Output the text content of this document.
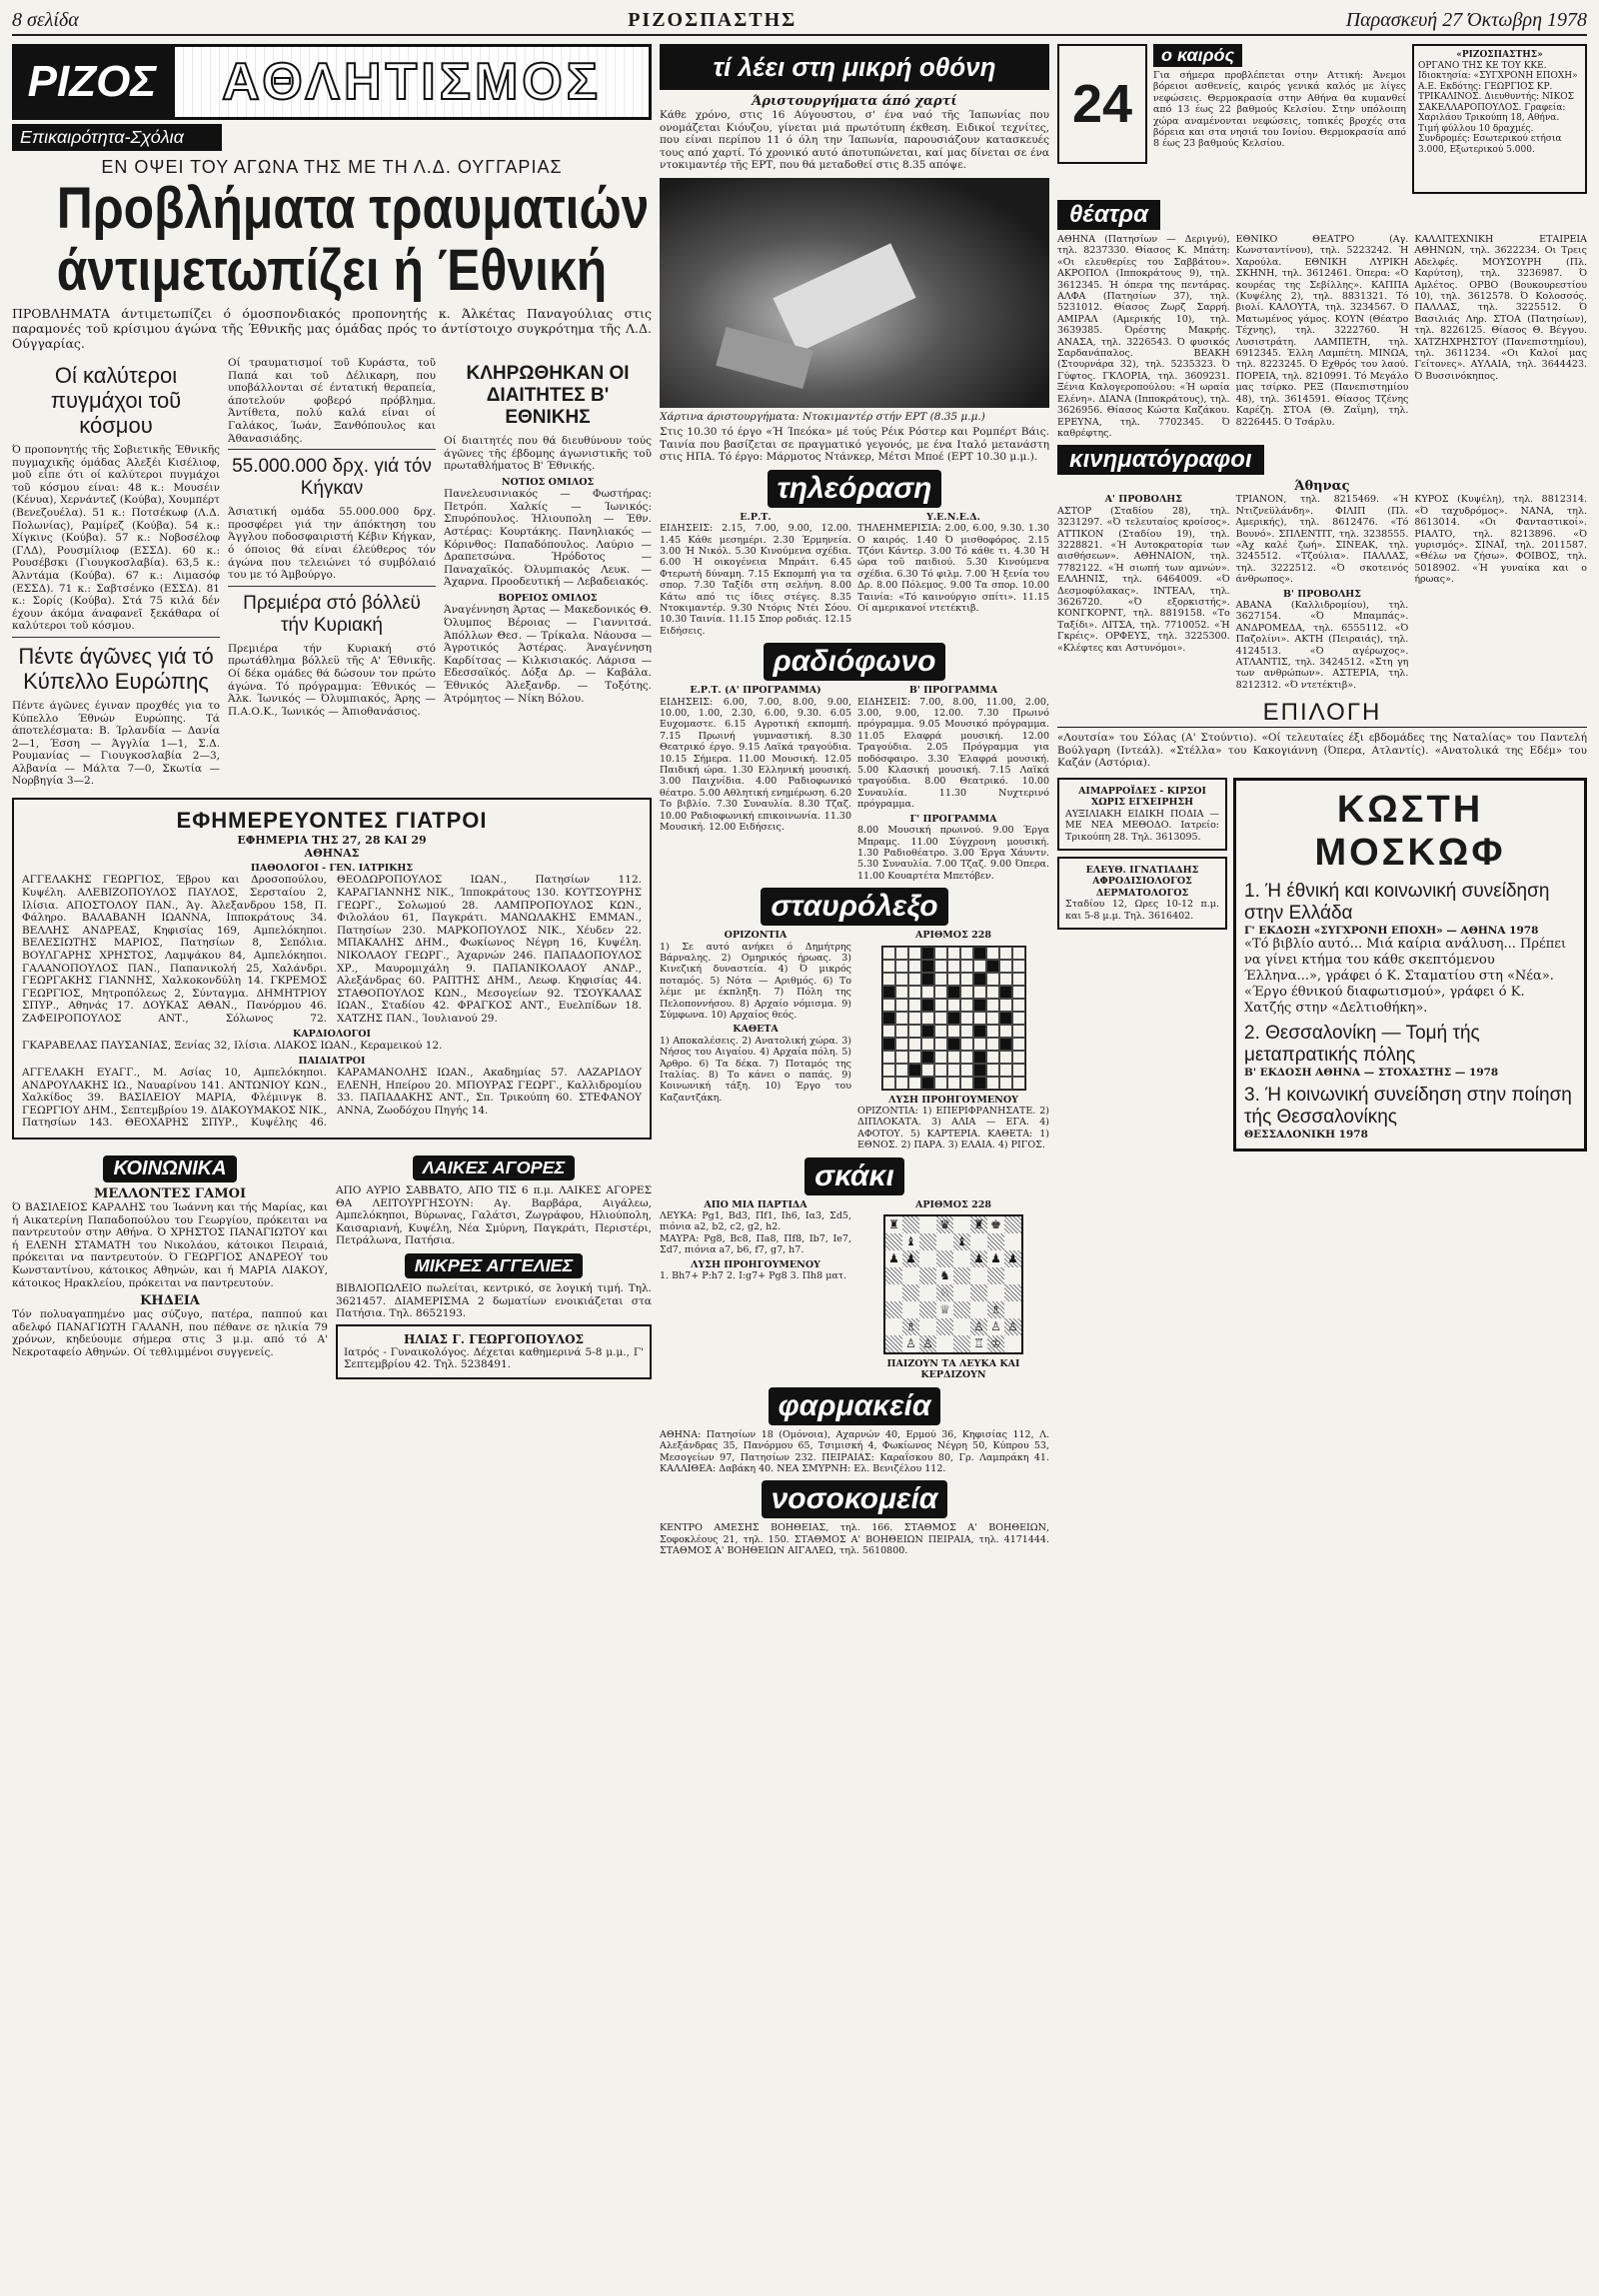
8 σελίδα	ΡΙΖΟΣΠΑΣΤΗΣ	Παρασκευή 27 Όκτωβρη 1978
ΡΙΖΟΣ	ΑΘΛΗΤΙΣΜΟΣ
Επικαιρότητα-Σχόλια
ΕΝ ΟΨΕΙ ΤΟΥ ΑΓΩΝΑ ΤΗΣ ΜΕ ΤΗ Λ.Δ. ΟΥΓΓΑΡΙΑΣ
Προβλήματα τραυματιών
άντιμετωπίζει ή Έθνική
ΠΡΟΒΛΗΜΑΤΑ άντιμετωπίζει ό όμοσπονδιακός προπονητής κ. Άλκέτας Παναγούλιας στις παραμονές τοῦ κρίσιμου άγώνα τῆς Έθνικῆς μας όμάδας πρός το άντίστοιχο συγκρότημα τῆς Λ.Δ. Ούγγαρίας.
Οί καλύτεροι πυγμάχοι τοῦ κόσμου
Ό προπονητής τῆς Σοβιετικῆς Έθνικῆς πυγμαχικῆς όμάδας Άλεξέι Κισέλιοφ, μοῦ εἶπε ότι οί καλύτεροι πυγμάχοι τοῦ κόσμου είναι: 48 κ.: Μουσέιν (Κένυα), Χερνάντεζ (Κούβα), Χουμπέρτ (Βενεζουέλα). 51 κ.: Ποτσέκωφ (Λ.Δ. Πολωνίας), Ραμίρεζ (Κούβα). 54 κ.: Χίγκινς (Κούβα). 57 κ.: Νοβοσέλοφ (ΓΛΔ), Ρουσμίλιοφ (ΕΣΣΔ). 60 κ.: Ρουσέβσκι (Γιουγκοσλαβία). 63,5 κ.: Άλντάμα (Κούβα). 67 κ.: Λιμασόφ (ΕΣΣΔ). 71 κ.: Σαβτσένκο (ΕΣΣΔ). 81 κ.: Σορίς (Κούβα). Στά 75 κιλά δέν έχουν άκόμα άναφανεῖ ξεκάθαρα οί καλύτεροι τοῦ κόσμου.
Πέντε άγῶνες γιά τό Κύπελλο Ευρώπης
Πέντε άγῶνες έγιναν προχθές για το Κύπελλο Έθνών Ευρώπης. Τά άποτελέσματα: Β. Ίρλανδία — Δανία 2—1, Έσση — Άγγλία 1—1, Σ.Δ. Ρουμανίας — Γιουγκοσλαβία 2—3, Αλβανία — Μάλτα 7—0, Σκωτία — Νορβηγία 3—2.
Οί τραυματισμοί τοῦ Κυράστα, τοῦ Παπά και τοῦ Δέλικαρη, που υποβάλλονται σέ έντατική θεραπεία, άποτελούν φοβερό πρόβλημα. Άντίθετα, πολύ καλά είναι οί Γαλάκος, Ίωάν, Ξανθόπουλος και Άθανασιάδης.
55.000.000 δρχ. γιά τόν Κήγκαν
Άσιατική ομάδα 55.000.000 δρχ. προσφέρει γιά την άπόκτηση του Άγγλου ποδοσφαιριστή Κέβιν Κήγκαν, ό όποιος θά είναι έλεύθερος τόν άγώνα που τελειώνει τό συμβόλαιό του με τό Άμβούργο.
Πρεμιέρα στό βόλλεϋ τήν Κυριακή
Πρεμιέρα τήν Κυριακή στό πρωτάθλημα βόλλεϋ τῆς Α' Έθνικῆς. Οί δέκα ομάδες θά δώσουν τον πρώτο άγώνα. Τό πρόγραμμα: Έθνικός — Άλκ. Ίωνικός — Όλυμπιακός, Άρης — Π.Α.Ο.Κ., Ίωνικός — Άπιοθανάσιος.
ΚΛΗΡΩΘΗΚΑΝ ΟΙ ΔΙΑΙΤΗΤΕΣ Β' ΕΘΝΙΚΗΣ
Οί διαιτητές που θά διευθύνουν τούς άγῶνες τῆς έβδομης άγωνιστικῆς τοῦ πρωταθλήματος Β' Έθνικής.
ΝΟΤΙΟΣ ΟΜΙΛΟΣ
Πανελευσινιακός — Φωστήρας: Πετρόπ. Χαλκίς — Ίωνικός: Σπυρόπουλος. Ήλιουπολη — Έθν. Αστέρας: Κουρτάκης. Πανηλιακός — Κόρινθος: Παπαδόπουλος. Λαύριο — Δραπετσώνα. Ήρόδοτος — Παναχαϊκός. Όλυμπιακός Λευκ. — Άχαρνα. Προοδευτική — Λεβαδειακός.
ΒΟΡΕΙΟΣ ΟΜΙΛΟΣ
Άναγέννηση Άρτας — Μακεδονικός Θ. Όλυμπος Βέροιας — Γιαννιτσά. Άπόλλων Θεσ. — Τρίκαλα. Νάουσα — Άγροτικός Άστέρας. Άναγέννηση Καρδίτσας — Κιλκισιακός. Λάρισα — Εδεσσαϊκός. Δόξα Δρ. — Καβάλα. Έθνικός Άλεξανδρ. — Τοξότης. Άτρόμητος — Νίκη Βόλου.
ΕΦΗΜΕΡΕΥΟΝΤΕΣ ΓΙΑΤΡΟΙ
ΕΦΗΜΕΡΙΑ ΤΗΣ 27, 28 ΚΑΙ 29
ΑΘΗΝΑΣ
ΠΑΘΟΛΟΓΟΙ - ΓΕΝ. ΙΑΤΡΙΚΗΣ
ΑΓΓΕΛΑΚΗΣ ΓΕΩΡΓΙΟΣ, Έβρου και Δροσοπούλου, Κυψέλη. ΑΛΕΒΙΖΟΠΟΥΛΟΣ ΠΑΥΛΟΣ, Σερσταίου 2, Ιλίσια. ΑΠΟΣΤΟΛΟΥ ΠΑΝ., Άγ. Άλεξανδρου 158, Π. Φάληρο. ΒΑΛΑΒΑΝΗ ΙΩΑΝΝΑ, Ιπποκράτους 34. ΒΕΛΛΗΣ ΑΝΔΡΕΑΣ, Κηφισίας 169, Αμπελόκηποι. ΒΕΛΕΣΙΩΤΗΣ ΜΑΡΙΟΣ, Πατησίων 8, Σεπόλια. ΒΟΥΛΓΑΡΗΣ ΧΡΗΣΤΟΣ, Λαμψάκου 84, Αμπελόκηποι. ΓΑΛΑΝΟΠΟΥΛΟΣ ΠΑΝ., Παπανικολή 25, Χαλάνδρι. ΓΕΩΡΓΑΚΗΣ ΓΙΑΝΝΗΣ, Χαλκοκονδύλη 14. ΓΚΡΕΜΟΣ ΓΕΩΡΓΙΟΣ, Μητροπόλεως 2, Σύνταγμα. ΔΗΜΗΤΡΙΟΥ ΣΠΥΡ., Αθηνάς 17. ΔΟΥΚΑΣ ΑΘΑΝ., Πανόρμου 46. ΖΑΦΕΙΡΟΠΟΥΛΟΣ ΑΝΤ., Σόλωνος 72. ΘΕΟΔΩΡΟΠΟΥΛΟΣ ΙΩΑΝ., Πατησίων 112. ΚΑΡΑΓΙΑΝΝΗΣ ΝΙΚ., Ίπποκράτους 130. ΚΟΥΤΣΟΥΡΗΣ ΓΕΩΡΓ., Σολωμού 28. ΛΑΜΠΡΟΠΟΥΛΟΣ ΚΩΝ., Φιλολάου 61, Παγκράτι. ΜΑΝΩΛΑΚΗΣ ΕΜΜΑΝ., Πατησίων 230. ΜΑΡΚΟΠΟΥΛΟΣ ΝΙΚ., Χέυδεν 22. ΜΠΑΚΑΛΗΣ ΔΗΜ., Φωκίωνος Νέγρη 16, Κυψέλη. ΝΙΚΟΛΑΟΥ ΓΕΩΡΓ., Άχαρνών 246. ΠΑΠΑΔΟΠΟΥΛΟΣ ΧΡ., Μαυρομιχάλη 9. ΠΑΠΑΝΙΚΟΛΑΟΥ ΑΝΔΡ., Αλεξάνδρας 60. ΡΑΠΤΗΣ ΔΗΜ., Λεωφ. Κηφισίας 44. ΣΤΑΘΟΠΟΥΛΟΣ ΚΩΝ., Μεσογείων 92. ΤΣΟΥΚΑΛΑΣ ΙΩΑΝ., Σταδίου 42. ΦΡΑΓΚΟΣ ΑΝΤ., Ευελπίδων 18. ΧΑΤΖΗΣ ΠΑΝ., Ίουλιανού 29.
ΚΑΡΔΙΟΛΟΓΟΙ
ΓΚΑΡΑΒΕΛΑΣ ΠΑΥΣΑΝΙΑΣ, Ξενίας 32, Ιλίσια. ΛΙΑΚΟΣ ΙΩΑΝ., Κεραμεικού 12.
ΠΑΙΔΙΑΤΡΟΙ
ΑΓΓΕΛΑΚΗ ΕΥΑΓΓ., Μ. Ασίας 10, Αμπελόκηποι. ΑΝΔΡΟΥΛΑΚΗΣ ΙΩ., Ναυαρίνου 141. ΑΝΤΩΝΙΟΥ ΚΩΝ., Χαλκίδος 39. ΒΑΣΙΛΕΙΟΥ ΜΑΡΙΑ, Φλέμινγκ 8. ΓΕΩΡΓΙΟΥ ΔΗΜ., Σεπτεμβρίου 19. ΔΙΑΚΟΥΜΑΚΟΣ ΝΙΚ., Πατησίων 143. ΘΕΟΧΑΡΗΣ ΣΠΥΡ., Κυψέλης 46. ΚΑΡΑΜΑΝΟΛΗΣ ΙΩΑΝ., Ακαδημίας 57. ΛΑΖΑΡΙΔΟΥ ΕΛΕΝΗ, Ηπείρου 20. ΜΠΟΥΡΑΣ ΓΕΩΡΓ., Καλλιδρομίου 33. ΠΑΠΑΔΑΚΗΣ ΑΝΤ., Σπ. Τρικούπη 60. ΣΤΕΦΑΝΟΥ ΑΝΝΑ, Ζωοδόχου Πηγής 14.
ΚΟΙΝΩΝΙΚΑ
ΜΕΛΛΟΝΤΕΣ ΓΑΜΟΙ
Ό ΒΑΣΙΛΕΙΟΣ ΚΑΡΑΛΗΣ του Ίωάννη και τής Μαρίας, και ή Αικατερίνη Παπαδοπούλου του Γεωργίου, πρόκειται να παντρευτούν στην Αθήνα. Ό ΧΡΗΣΤΟΣ ΠΑΝΑΓΙΩΤΟΥ και ή ΕΛΕΝΗ ΣΤΑΜΑΤΗ του Νικολάου, κάτοικοι Πειραιά, πρόκειται να παντρευτούν. Ό ΓΕΩΡΓΙΟΣ ΑΝΔΡΕΟΥ του Κωνσταντίνου, κάτοικος Αθηνών, και ή ΜΑΡΙΑ ΛΙΑΚΟΥ, κάτοικος Ηρακλείου, πρόκειται να παντρευτούν.
ΚΗΔΕΙΑ
Τόν πολυαγαπημένο μας σύζυγο, πατέρα, παππού και αδελφό ΠΑΝΑΓΙΩΤΗ ΓΑΛΑΝΗ, που πέθανε σε ηλικία 79 χρόνων, κηδεύουμε σήμερα στις 3 μ.μ. από τό Α' Νεκροταφείο Αθηνών. Οί τεθλιμμένοι συγγενείς.
ΛΑΙΚΕΣ ΑΓΟΡΕΣ
ΑΠΟ ΑΥΡΙΟ ΣΑΒΒΑΤΟ, ΑΠΟ ΤΙΣ 6 π.μ. ΛΑΙΚΕΣ ΑΓΟΡΕΣ ΘΑ ΛΕΙΤΟΥΡΓΗΣΟΥΝ: Αγ. Βαρβάρα, Αιγάλεω, Αμπελόκηποι, Βύρωνας, Γαλάτσι, Ζωγράφου, Ηλιούπολη, Καισαριανή, Κυψέλη, Νέα Σμύρνη, Παγκράτι, Περιστέρι, Πετράλωνα, Πατήσια.
ΜΙΚΡΕΣ ΑΓΓΕΛΙΕΣ
ΒΙΒΛΙΟΠΩΛΕΙΟ πωλείται, κεντρικό, σε λογική τιμή. Τηλ. 3621457. ΔΙΑΜΕΡΙΣΜΑ 2 δωματίων ενοικιάζεται στα Πατήσια. Τηλ. 8652193.
ΗΛΙΑΣ Γ. ΓΕΩΡΓΟΠΟΥΛΟΣ
Ιατρός - Γυναικολόγος. Δέχεται καθημερινά 5-8 μ.μ., Γ' Σεπτεμβρίου 42. Τηλ. 5238491.
τί λέει στη μικρή οθόνη
Άριστουργήματα άπό χαρτί
Κάθε χρόνο, στις 16 Αύγουστου, σ' ένα ναό τῆς Ίαπωνίας που ονομάζεται Κιόυζου, γίνεται μιά πρωτότυπη έκθεση. Ειδικοί τεχνίτες, που είναι περίπου 11 ό όλη την Ίαπωνία, παρουσιάζουν κατασκευές τους από χαρτί. Τό χρονικό αυτό άποτυπώνεται, καί μας δίνεται σε ένα ντοκιμαντέρ τῆς ΕΡΤ, που θά μεταδοθεί στις 8.35 απόψε.
Χάρτινα άριστουργήματα: Ντοκιμαντέρ στήν ΕΡΤ (8.35 μ.μ.)
Στις 10.30 τό έργο «Ή Ίπεόκα» μέ τούς Ρέικ Ρόστερ και Ρομπέρτ Βάις. Ταινία που βασίζεται σε πραγματικό γεγονός, με ένα Ιταλό μετανάστη στις ΗΠΑ. Τό έργο: Μάρμοτος Ντάνκερ, Μέτσι Μποέ (ΕΡΤ 10.30 μ.μ.).
τηλεόραση
Ε.Ρ.Τ.
ΕΙΔΗΣΕΙΣ: 2.15, 7.00, 9.00, 12.00. 1.45 Κάθε μεσημέρι. 2.30 Έρμηνεία. 3.00 Ή Νικόλ. 5.30 Κινούμενα σχέδια. 6.00 Ή οικογένεια Μπράιτ. 6.45 Φτερωτή δύναμη. 7.15 Εκπομπή για τα σπορ. 7.30 Ταξίδι στη σελήνη. 8.00 Κάτω από τις ίδιες στέγες. 8.35 Ντοκιμαντέρ. 9.30 Ντόρις Ντέι Σόου. 10.30 Ταινία. 11.15 Σπορ ροδιάς. 12.15 Ειδήσεις.
Υ.Ε.Ν.Ε.Δ.
ΤΗΛΕΗΜΕΡΙΣΙΑ: 2.00, 6.00, 9.30. 1.30 Ο καιρός. 1.40 Ό μισθοφόρος. 2.15 Τζόνι Κάντερ. 3.00 Τό κάθε τι. 4.30 Ή ώρα τοῦ παιδιού. 5.30 Κινούμενα σχέδια. 6.30 Τό φιλμ. 7.00 Ή ξενία του Δρ. 8.00 Πόλεμος. 9.00 Τα σπορ. 10.00 Ταινία: «Τό καινούργιο σπίτι». 11.15 Οί αμερικανοί ντετέκτιβ.
ραδιόφωνο
Ε.Ρ.Τ. (Α' ΠΡΟΓΡΑΜΜΑ)
ΕΙΔΗΣΕΙΣ: 6.00, 7.00, 8.00, 9.00, 10.00, 1.00, 2.30, 6.00, 9.30. 6.05 Ευχομαστε. 6.15 Αγροτική εκπομπή. 7.15 Πρωινή γυμναστική. 8.30 Θεατρικό έργο. 9.15 Λαϊκά τραγούδια. 10.15 Σήμερα. 11.00 Μουσική. 12.05 Παιδική ώρα. 1.30 Ελληνική μουσική. 3.00 Παιχνίδια. 4.00 Ραδιοφωνικό θέατρο. 5.00 Αθλητική ενημέρωση. 6.20 Το βιβλίο. 7.30 Συναυλία. 8.30 Τζαζ. 10.00 Ραδιοφωνική επικοινωνία. 11.30 Μουσική. 12.00 Ειδήσεις.
Β' ΠΡΟΓΡΑΜΜΑ
ΕΙΔΗΣΕΙΣ: 7.00, 8.00, 11.00, 2.00, 3.00, 9.00, 12.00. 7.30 Πρωινό πρόγραμμα. 9.05 Μουσικό πρόγραμμα. 11.05 Ελαφρά μουσική. 12.00 Τραγούδια. 2.05 Πρόγραμμα για ποδόσφαιρο. 3.30 Έλαφρά μουσική. 5.00 Κλασική μουσική. 7.15 Λαϊκά τραγούδια. 8.00 Θεατρικό. 10.00 Συναυλία. 11.30 Νυχτερινό πρόγραμμα.
Γ' ΠΡΟΓΡΑΜΜΑ
8.00 Μουσική πρωινού. 9.00 Έργα Μπραμς. 11.00 Σύγχρονη μουσική. 1.30 Ραδιοθέατρο. 3.00 Έργα Χάυντν. 5.30 Συναυλία. 7.00 Τζαζ. 9.00 Όπερα. 11.00 Κουαρτέτα Μπετόβεν.
σταυρόλεξο
ΟΡΙΖΟΝΤΙΑ
1) Σε αυτό ανήκει ό Δημήτρης Βάρναλης. 2) Ομηρικός ήρωας. 3) Κινεζική δυναστεία. 4) Ό μικρός ποταμός. 5) Νότα — Αριθμός. 6) Το λέμε με έκπληξη. 7) Πόλη της Πελοποννήσου. 8) Αρχαίο νόμισμα. 9) Σύμφωνα. 10) Αρχαίος θεός.
ΚΑΘΕΤΑ
1) Αποκαλέσεις. 2) Ανατολική χώρα. 3) Νήσος του Αιγαίου. 4) Αρχαία πόλη. 5) Άρθρο. 6) Τα δέκα. 7) Ποταμός της Ιταλίας. 8) Το κάνει ο παπάς. 9) Κοινωνική τάξη. 10) Έργο του Καζαντζάκη.
ΑΡΙΘΜΟΣ 228
ΛΥΣΗ ΠΡΟΗΓΟΥΜΕΝΟΥ
ΟΡΙΖΟΝΤΙΑ: 1) ΕΠΕΡΙΦΡΑΝΗΣΑΤΕ. 2) ΔΙΠΛΟΚΑΤΑ. 3) ΑΛΙΑ — ΕΓΑ. 4) ΑΦΟΤΟΥ. 5) ΚΑΡΤΕΡΙΑ. ΚΑΘΕΤΑ: 1) ΕΘΝΟΣ. 2) ΠΑΡΑ. 3) ΕΛΑΙΑ. 4) ΡΙΓΟΣ.
σκάκι
ΑΠΟ ΜΙΑ ΠΑΡΤΙΔΑ
ΛΕΥΚΑ: Ρg1, Βd3, Πf1, Ιh6, Ια3, Σd5, πιόνια a2, b2, c2, g2, h2.
ΜΑΥΡΑ: Ρg8, Βc8, Πa8, Πf8, Ιb7, Ιe7, Σd7, πιόνια a7, b6, f7, g7, h7.
ΛΥΣΗ ΠΡΟΗΓΟΥΜΕΝΟΥ
1. Βh7+ Ρ:h7 2. Ι:g7+ Ρg8 3. Πh8 ματ.
ΑΡΙΘΜΟΣ 228
♜	♛ ♜ ♚
♝	♝
♟ ♟	♟ ♟ ♟
♞
♘
♕	♗
♗	♙ ♙ ♙
♙ ♙	♖ ♔
ΠΑΙΖΟΥΝ ΤΑ ΛΕΥΚΑ ΚΑΙ ΚΕΡΔΙΖΟΥΝ
φαρμακεία
ΑΘΗΝΑ: Πατησίων 18 (Ομόνοια), Αχαρνών 40, Ερμού 36, Κηφισίας 112, Λ. Αλεξάνδρας 35, Πανόρμου 65, Τσιμισκή 4, Φωκίωνος Νέγρη 50, Κύπρου 53, Μεσογείων 97, Πατησίων 232. ΠΕΙΡΑΙΑΣ: Καραΐσκου 80, Γρ. Λαμπράκη 41. ΚΑΛΛΙΘΕΑ: Δαβάκη 40. ΝΕΑ ΣΜΥΡΝΗ: Ελ. Βενιζέλου 112.
νοσοκομεία
ΚΕΝΤΡΟ ΑΜΕΣΗΣ ΒΟΗΘΕΙΑΣ, τηλ. 166. ΣΤΑΘΜΟΣ Α' ΒΟΗΘΕΙΩΝ, Σοφοκλέους 21, τηλ. 150. ΣΤΑΘΜΟΣ Α' ΒΟΗΘΕΙΩΝ ΠΕΙΡΑΙΑ, τηλ. 4171444. ΣΤΑΘΜΟΣ Α' ΒΟΗΘΕΙΩΝ ΑΙΓΑΛΕΩ, τηλ. 5610800.
24
ο καιρός
Για σήμερα προβλέπεται στην Αττική: Άνεμοι βόρειοι ασθενείς, καιρός γενικά καλός με λίγες νεφώσεις. Θερμοκρασία στην Αθήνα θα κυμανθεί από 13 έως 22 βαθμούς Κελσίου. Στην υπόλοιπη χώρα αναμένονται νεφώσεις, τοπικές βροχές στα βόρεια και στα νησιά του Ιονίου. Θερμοκρασία από 8 έως 23 βαθμούς Κελσίου.
«ΡΙΖΟΣΠΑΣΤΗΣ»
ΟΡΓΑΝΟ ΤΗΣ ΚΕ ΤΟΥ ΚΚΕ. Ιδιοκτησία: «ΣΥΓΧΡΟΝΗ ΕΠΟΧΗ» Α.Ε. Εκδότης: ΓΕΩΡΓΙΟΣ ΚΡ. ΤΡΙΚΑΛΙΝΟΣ. Διευθυντής: ΝΙΚΟΣ ΣΑΚΕΛΛΑΡΟΠΟΥΛΟΣ. Γραφεία: Χαριλάου Τρικούπη 18, Αθήνα. Τιμή φύλλου 10 δραχμές. Συνδρομές: Εσωτερικού ετήσια 3.000, Εξωτερικού 5.000.
θέατρα
ΑΘΗΝΑ (Πατησίων — Δεριγνύ), τηλ. 8237330. Θίασος Κ. Μπάτη: «Οι ελευθερίες του Σαββάτου». ΑΚΡΟΠΟΛ (Ιπποκράτους 9), τηλ. 3612345. Ή όπερα της πεντάρας. ΑΛΦΑ (Πατησίων 37), τηλ. 5231012. Θίασος Ζωρζ Σαρρή. ΑΜΙΡΑΛ (Αμερικής 10), τηλ. 3639385. Όρέστης Μακρής. ΑΝΑΣΑ, τηλ. 3226543. Ό φυσικός Σαρδανάπαλος. ΒΕΑΚΗ (Στουρνάρα 32), τηλ. 5235323. Ό Γύφτος. ΓΚΛΟΡΙΑ, τηλ. 3609231. Ξένια Καλογεροπούλου: «Ή ωραία Ελένη». ΔΙΑΝΑ (Ιπποκράτους), τηλ. 3626956. Θίασος Κώστα Καζάκου. ΕΡΕΥΝΑ, τηλ. 7702345. Ό καθρέφτης.
ΕΘΝΙΚΟ ΘΕΑΤΡΟ (Αγ. Κωνσταντίνου), τηλ. 5223242. Ή Χαρούλα. ΕΘΝΙΚΗ ΛΥΡΙΚΗ ΣΚΗΝΗ, τηλ. 3612461. Όπερα: «Ό κουρέας της Σεβίλλης». ΚΑΠΠΑ (Κυψέλης 2), τηλ. 8831321. Τό βιολί. ΚΑΛΟΥΤΑ, τηλ. 3234567. Ό Ματωμένος γάμος. ΚΟΥΝ (Θέατρο Τέχνης), τηλ. 3222760. Ή Λυσιστράτη. ΛΑΜΠΕΤΗ, τηλ. 6912345. Έλλη Λαμπέτη. ΜΙΝΩΑ, τηλ. 8223245. Ό Εχθρός του λαού. ΠΟΡΕΙΑ, τηλ. 8210991. Τό Μεγάλο μας τσίρκο. ΡΕΞ (Πανεπιστημίου 48), τηλ. 3614591. Θίασος Τζένης Καρέζη. ΣΤΟΑ (Θ. Ζαΐμη), τηλ. 8226445. Ό Τσάρλυ.
ΚΑΛΛΙΤΕΧΝΙΚΗ ΕΤΑΙΡΕΙΑ ΑΘΗΝΩΝ, τηλ. 3622234. Οι Τρεις Αδελφές. ΜΟΥΣΟΥΡΗ (Πλ. Καρύτση), τηλ. 3236987. Ό Αμλέτος. ΟΡΒΟ (Βουκουρεστίου 10), τηλ. 3612578. Ό Κολοσσός. ΠΑΛΛΑΣ, τηλ. 3225512. Ό Βασιλιάς Ληρ. ΣΤΟΑ (Πατησίων), τηλ. 8226125. Θίασος Θ. Βέγγου. ΧΑΤΖΗΧΡΗΣΤΟΥ (Πανεπιστημίου), τηλ. 3611234. «Οι Καλοί μας Γείτονες». ΑΥΛΑΙΑ, τηλ. 3644423. Ό Βυσσινόκηπος.
κινηματόγραφοι
Άθηνας
Α' ΠΡΟΒΟΛΗΣ
ΑΣΤΟΡ (Σταδίου 28), τηλ. 3231297. «Ό τελευταίος κροίσος». ΑΤΤΙΚΟΝ (Σταδίου 19), τηλ. 3228821. «Ή Αυτοκρατορία των αισθήσεων». ΑΘΗΝΑΙΟΝ, τηλ. 7782122. «Ή σιωπή των αμνών». ΕΛΛΗΝΙΣ, τηλ. 6464009. «Ό Δεσμοφύλακας». ΙΝΤΕΑΛ, τηλ. 3626720. «Ό εξορκιστής». ΚΟΝΓΚΟΡΝΤ, τηλ. 8819158. «Το Ταξίδι». ΛΙΤΣΑ, τηλ. 7710052. «Ή Γκρέις». ΟΡΦΕΥΣ, τηλ. 3225300. «Κλέφτες και Αστυνόμοι».
ΤΡΙΑΝΟΝ, τηλ. 8215469. «Ή Ντιζνεϋλάνδη». ΦΙΛΙΠ (Πλ. Αμερικής), τηλ. 8612476. «Τό Βουνό». ΣΠΛΕΝΤΙΤ, τηλ. 3238555. «Άχ καλέ ζωή». ΣΙΝΕΑΚ, τηλ. 3245512. «Τζούλια». ΠΑΛΛΑΣ, τηλ. 3222512. «Ό σκοτεινός άνθρωπος».
Β' ΠΡΟΒΟΛΗΣ
ΑΒΑΝΑ (Καλλιδρομίου), τηλ. 3627154. «Ό Μπαμπάς». ΑΝΔΡΟΜΕΔΑ, τηλ. 6555112. «Ό Παζολίνι». ΑΚΤΗ (Πειραιάς), τηλ. 4124513. «Ό αγέρωχος». ΑΤΛΑΝΤΙΣ, τηλ. 3424512. «Στη γη των ανθρώπων». ΑΣΤΕΡΙΑ, τηλ. 8212312. «Ό ντετέκτιβ».
ΚΥΡΟΣ (Κυψέλη), τηλ. 8812314. «Ό ταχυδρόμος». ΝΑΝΑ, τηλ. 8613014. «Οι Φανταστικοί». ΡΙΑΛΤΟ, τηλ. 8213896. «Ό γυρισμός». ΣΙΝΑΪ, τηλ. 2011587. «Θέλω να ζήσω». ΦΟΙΒΟΣ, τηλ. 5018902. «Ή γυναίκα και ο ήρωας».
ΕΠΙΛΟΓΗ
«Λουτσία» του Σόλας (Α' Στούντιο). «Οί τελευταίες έξι εβδομάδες της Ναταλίας» του Παντελή Βούλγαρη (Ιντεάλ). «Στέλλα» του Κακογιάννη (Όπερα, Ατλαντίς). «Ανατολικά της Εδέμ» του Καζάν (Αστόρια).
ΑΙΜΑΡΡΟΪΔΕΣ - ΚΙΡΣΟΙ ΧΩΡΙΣ ΕΓΧΕΙΡΗΣΗ
ΑΥΞΙΛΙΑΚΗ ΕΙΔΙΚΗ ΠΟΔΙΑ — ΜΕ ΝΕΑ ΜΕΘΟΔΟ. Ιατρείο: Τρικούπη 28. Τηλ. 3613095.
ΕΛΕΥΘ. ΙΓΝΑΤΙΑΔΗΣ
ΑΦΡΟΔΙΣΙΟΛΟΓΟΣ ΔΕΡΜΑΤΟΛΟΓΟΣ
Σταδίου 12, Ωρες 10-12 π.μ. και 5-8 μ.μ. Τηλ. 3616402.
ΚΩΣΤΗ ΜΟΣΚΩΦ
1. Ή έθνική και κοινωνική συνείδηση στην Ελλάδα
Γ' ΕΚΔΟΣΗ «ΣΥΓΧΡΟΝΗ ΕΠΟΧΗ» — ΑΘΗΝΑ 1978
«Τό βιβλίο αυτό... Μιά καίρια ανάλυση... Πρέπει να γίνει κτήμα του κάθε σκεπτόμενου Έλληνα...», γράφει ό Κ. Σταματίου στη «Νέα». «Έργο έθνικού διαφωτισμού», γράφει ό Κ. Χατζής στην «Δελτιοθήκη».
2. Θεσσαλονίκη — Τομή τής μεταπρατικής πόλης
Β' ΕΚΔΟΣΗ ΑΘΗΝΑ — ΣΤΟΧΑΣΤΗΣ — 1978
3. Ή κοινωνική συνείδηση στην ποίηση τής Θεσσαλονίκης
ΘΕΣΣΑΛΟΝΙΚΗ 1978
